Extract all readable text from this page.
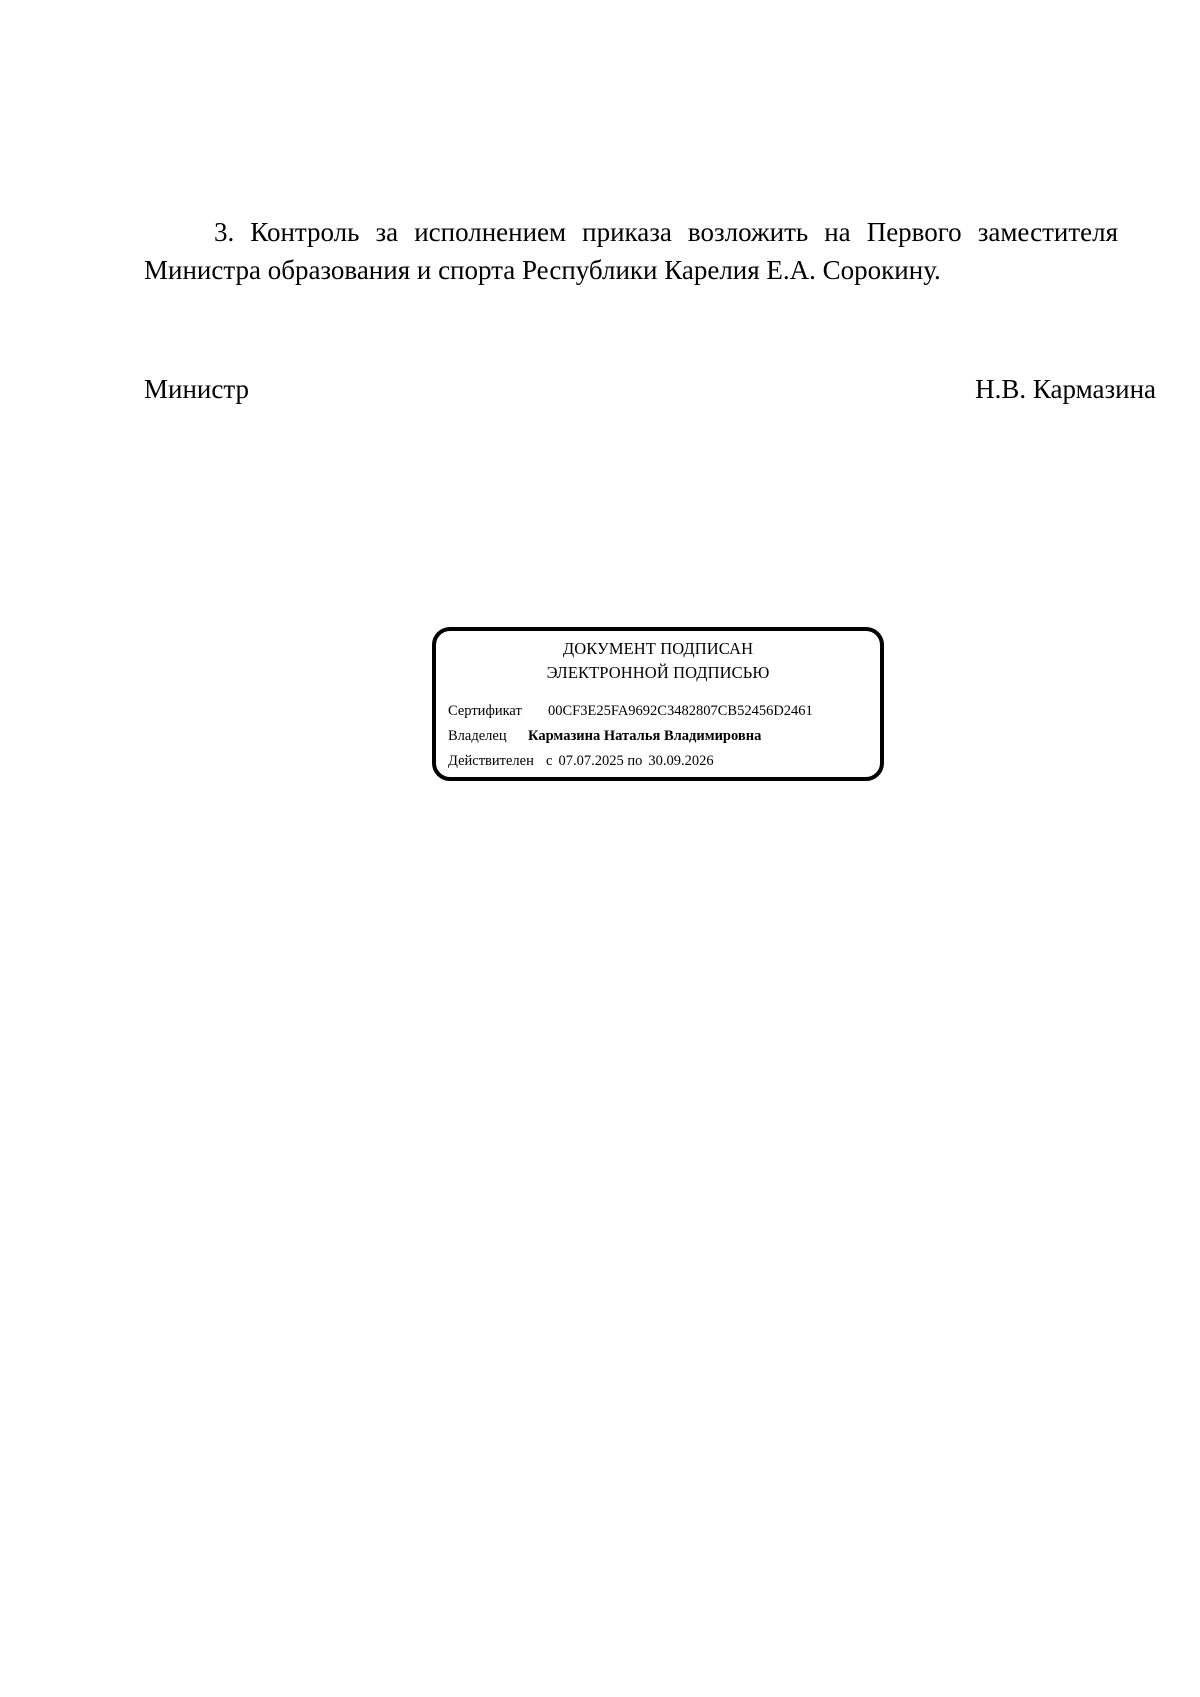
3. Контроль за исполнением приказа возложить на Первого заместителя Министра образования и спорта Республики Карелия Е.А. Сорокину.

Министр	Н.В. Кармазина
ДОКУМЕНТ ПОДПИСАН
ЭЛЕКТРОННОЙ ПОДПИСЬЮ
Сертификат 00CF3E25FA9692C3482807CB52456D2461
Владелец Кармазина Наталья Владимировна
Действителен с 07.07.2025 по 30.09.2026
